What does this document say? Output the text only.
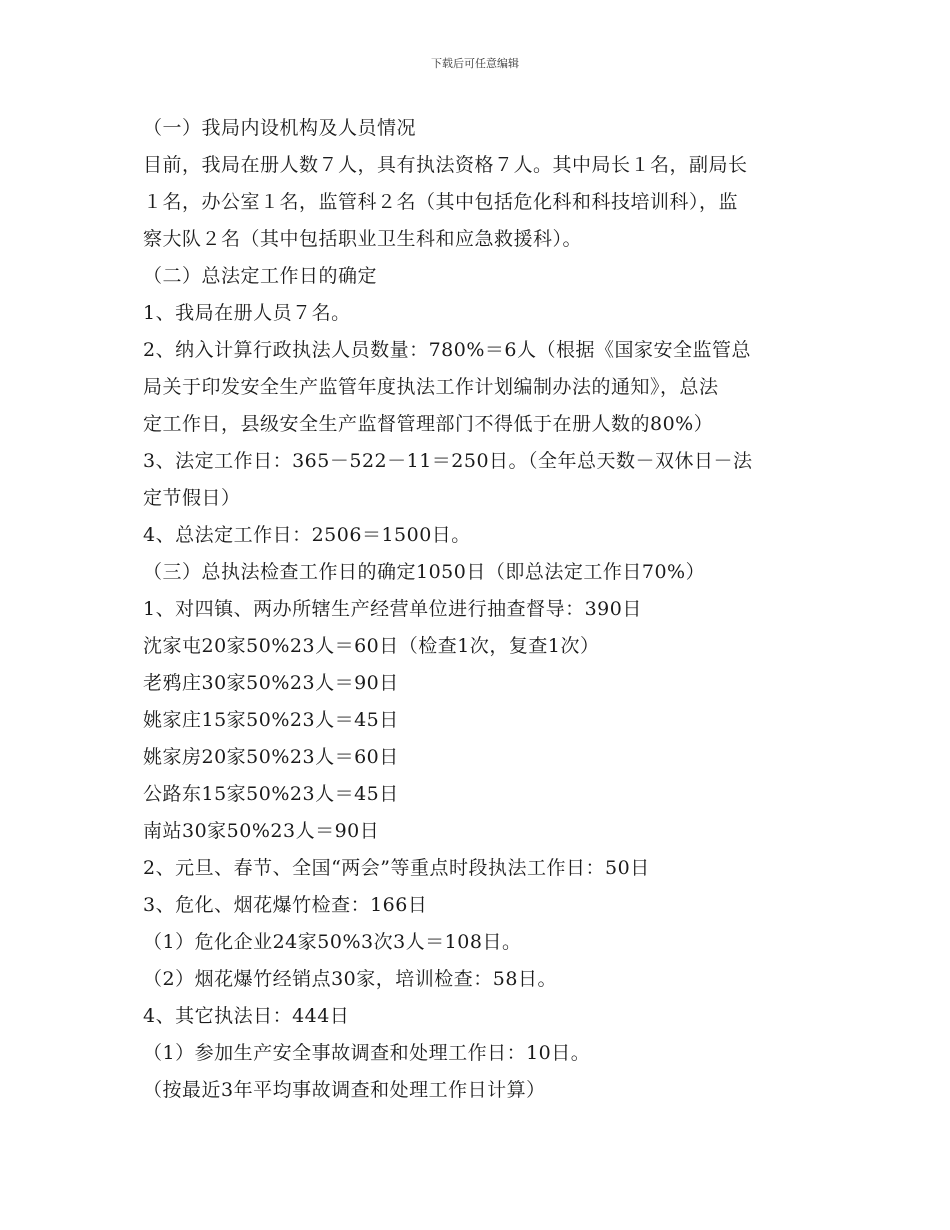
下载后可任意编辑
（一）我局内设机构及人员情况
目前，我局在册人数７人，具有执法资格７人。其中局长１名，副局长
１名，办公室１名，监管科２名（其中包括危化科和科技培训科），监
察大队２名（其中包括职业卫生科和应急救援科）。
（二）总法定工作日的确定
1、我局在册人员７名。
2、纳入计算行政执法人员数量：780%＝6人（根据《国家安全监管总
局关于印发安全生产监管年度执法工作计划编制办法的通知》，总法
定工作日，县级安全生产监督管理部门不得低于在册人数的80%）
3、法定工作日：365－522－11＝250日。（全年总天数－双休日－法
定节假日）
4、总法定工作日：2506＝1500日。
（三）总执法检查工作日的确定1050日（即总法定工作日70%）
1、对四镇、两办所辖生产经营单位进行抽查督导：390日
沈家屯20家50%23人＝60日（检查1次，复查1次）
老鸦庄30家50%23人＝90日
姚家庄15家50%23人＝45日
姚家房20家50%23人＝60日
公路东15家50%23人＝45日
南站30家50%23人＝90日
2、元旦、春节、全国“两会”等重点时段执法工作日：50日
3、危化、烟花爆竹检查：166日
（1）危化企业24家50%3次3人＝108日。
（2）烟花爆竹经销点30家，培训检查：58日。
4、其它执法日：444日
（1）参加生产安全事故调查和处理工作日：10日。
（按最近3年平均事故调查和处理工作日计算）
